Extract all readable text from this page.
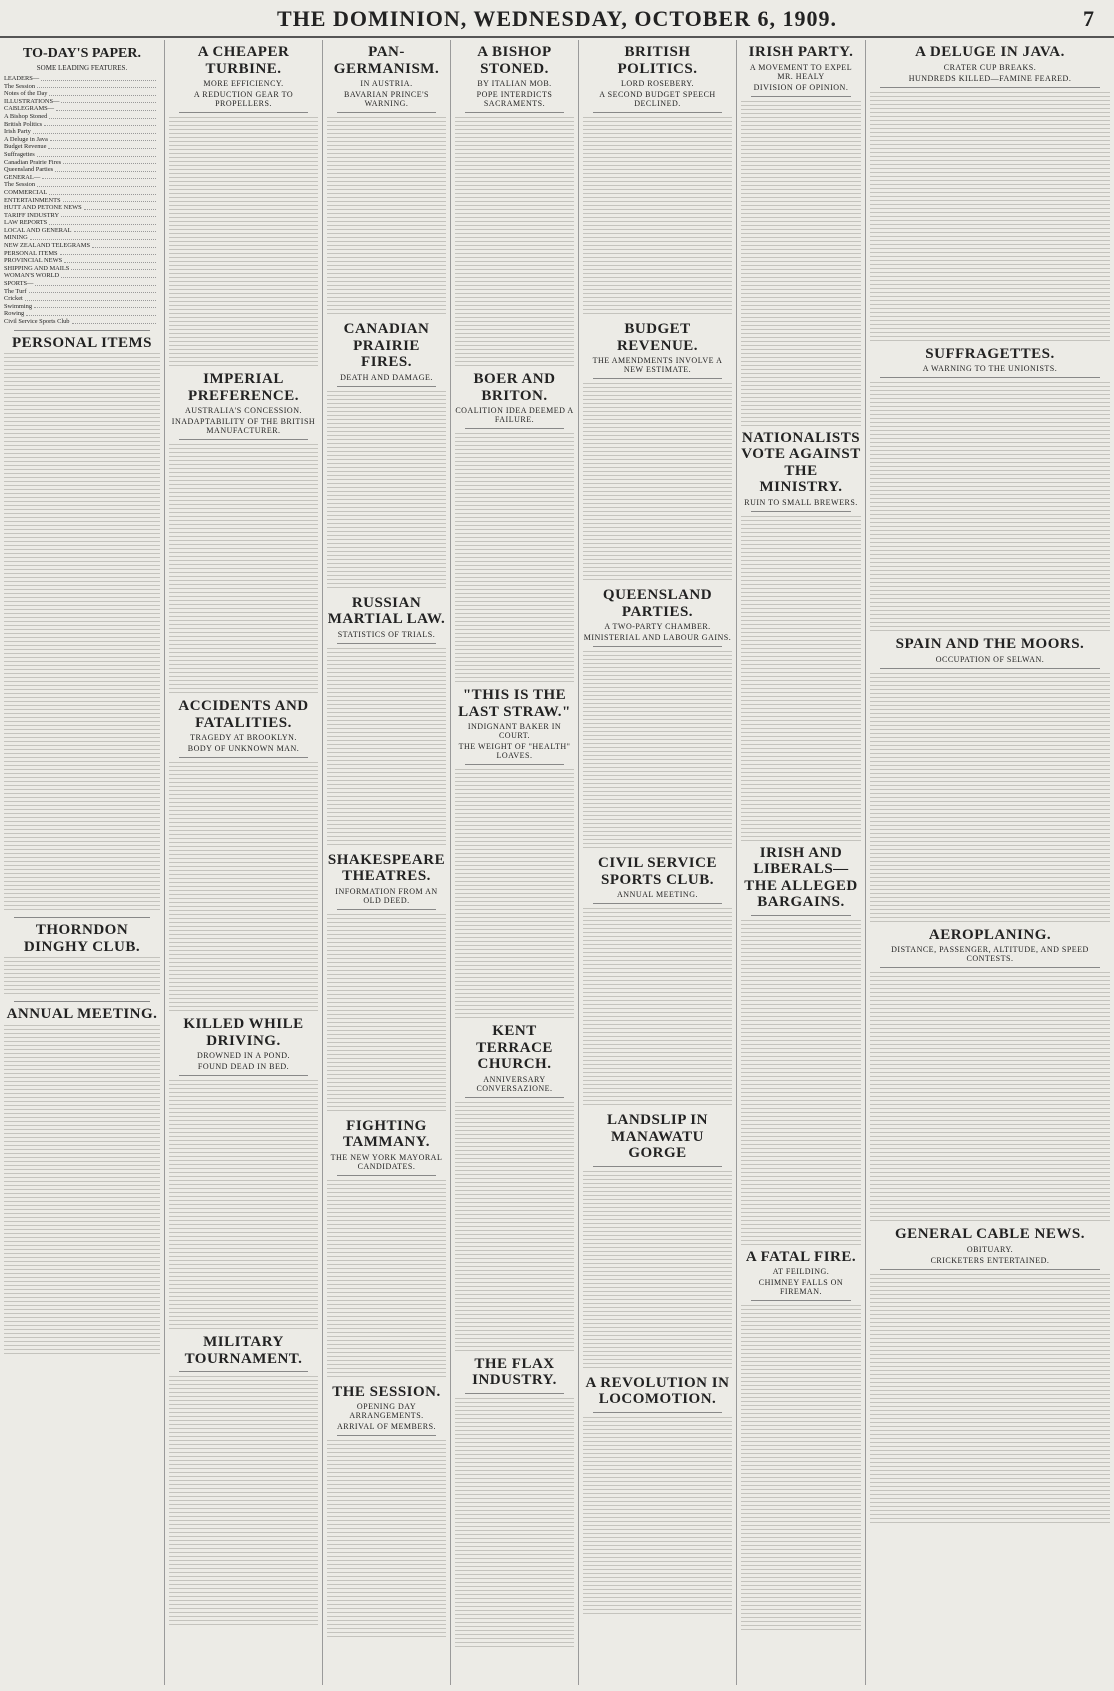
THE DOMINION, WEDNESDAY, OCTOBER 6, 1909.	7
TO-DAY'S PAPER.
SOME LEADING FEATURES.
LEADERS—
The Session
Notes of the Day
ILLUSTRATIONS—
CABLEGRAMS—
A Bishop Stoned
British Politics
Irish Party
A Deluge in Java
Budget Revenue
Suffragettes
Canadian Prairie Fires
Queensland Parties
GENERAL—
The Session
COMMERCIAL
ENTERTAINMENTS
HUTT AND PETONE NEWS
TARIFF INDUSTRY
LAW REPORTS
LOCAL AND GENERAL
MINING
NEW ZEALAND TELEGRAMS
PERSONAL ITEMS
PROVINCIAL NEWS
SHIPPING AND MAILS
WOMAN'S WORLD
SPORTS—
The Turf
Cricket
Swimming
Rowing
Civil Service Sports Club
PERSONAL ITEMS
THORNDON DINGHY CLUB.
ANNUAL MEETING.
A CHEAPER TURBINE.
MORE EFFICIENCY.
A REDUCTION GEAR TO PROPELLERS.
IMPERIAL PREFERENCE.
AUSTRALIA'S CONCESSION.
INADAPTABILITY OF THE BRITISH MANUFACTURER.
ACCIDENTS AND FATALITIES.
TRAGEDY AT BROOKLYN.
BODY OF UNKNOWN MAN.
KILLED WHILE DRIVING.
DROWNED IN A POND.
FOUND DEAD IN BED.
MILITARY TOURNAMENT.
PAN-GERMANISM.
IN AUSTRIA.
BAVARIAN PRINCE'S WARNING.
CANADIAN PRAIRIE FIRES.
DEATH AND DAMAGE.
RUSSIAN MARTIAL LAW.
STATISTICS OF TRIALS.
SHAKESPEARE THEATRES.
INFORMATION FROM AN OLD DEED.
FIGHTING TAMMANY.
THE NEW YORK MAYORAL CANDIDATES.
THE SESSION.
OPENING DAY ARRANGEMENTS.
ARRIVAL OF MEMBERS.
A BISHOP STONED.
BY ITALIAN MOB.
POPE INTERDICTS SACRAMENTS.
BOER AND BRITON.
COALITION IDEA DEEMED A FAILURE.
"THIS IS THE LAST STRAW."
INDIGNANT BAKER IN COURT.
THE WEIGHT OF "HEALTH" LOAVES.
KENT TERRACE CHURCH.
ANNIVERSARY CONVERSAZIONE.
THE FLAX INDUSTRY.
BRITISH POLITICS.
LORD ROSEBERY.
A SECOND BUDGET SPEECH DECLINED.
BUDGET REVENUE.
THE AMENDMENTS INVOLVE A NEW ESTIMATE.
QUEENSLAND PARTIES.
A TWO-PARTY CHAMBER.
MINISTERIAL AND LABOUR GAINS.
CIVIL SERVICE SPORTS CLUB.
ANNUAL MEETING.
LANDSLIP IN MANAWATU GORGE
A REVOLUTION IN LOCOMOTION.
IRISH PARTY.
A MOVEMENT TO EXPEL MR. HEALY
DIVISION OF OPINION.
NATIONALISTS VOTE AGAINST THE MINISTRY.
RUIN TO SMALL BREWERS.
IRISH AND LIBERALS—THE ALLEGED BARGAINS.
A FATAL FIRE.
AT FEILDING.
CHIMNEY FALLS ON FIREMAN.
A DELUGE IN JAVA.
CRATER CUP BREAKS.
HUNDREDS KILLED—FAMINE FEARED.
SUFFRAGETTES.
A WARNING TO THE UNIONISTS.
SPAIN AND THE MOORS.
OCCUPATION OF SELWAN.
AEROPLANING.
DISTANCE, PASSENGER, ALTITUDE, AND SPEED CONTESTS.
GENERAL CABLE NEWS.
OBITUARY.
CRICKETERS ENTERTAINED.
